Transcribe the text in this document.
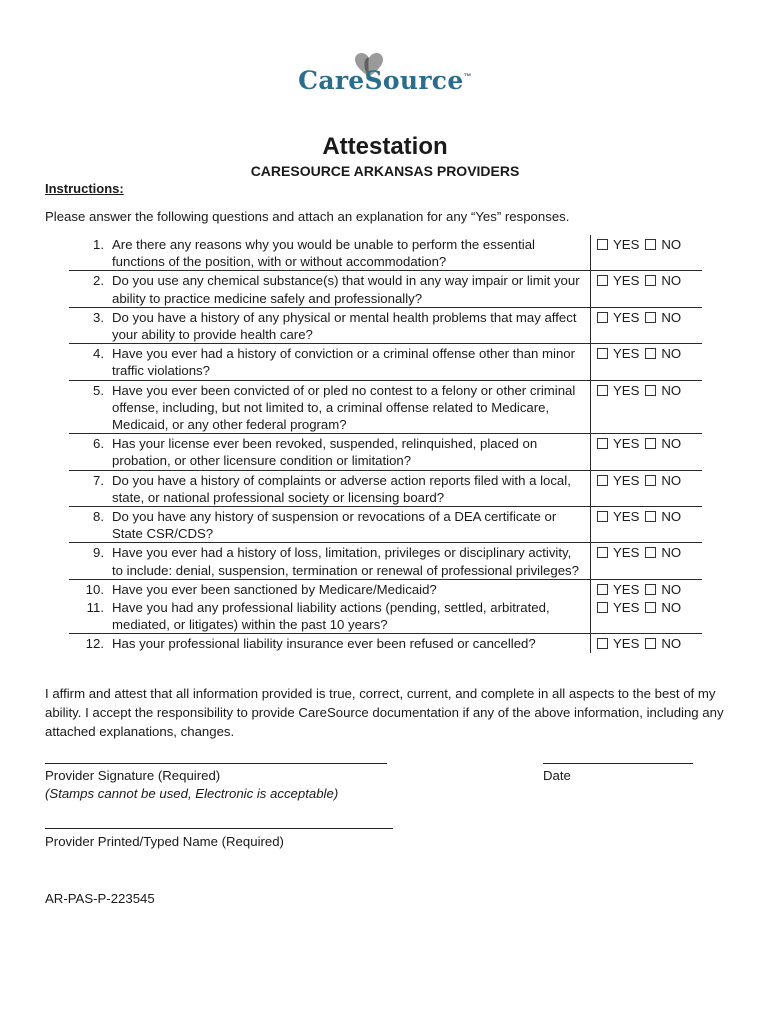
CareSource™
Attestation
CARESOURCE ARKANSAS PROVIDERS
Instructions:
Please answer the following questions and attach an explanation for any “Yes” responses.
1. Are there any reasons why you would be unable to perform the essential functions of the position, with or without accommodation?
YES NO
2. Do you use any chemical substance(s) that would in any way impair or limit your ability to practice medicine safely and professionally?
YES NO
3. Do you have a history of any physical or mental health problems that may affect your ability to provide health care?
YES NO
4. Have you ever had a history of conviction or a criminal offense other than minor traffic violations?
YES NO
5. Have you ever been convicted of or pled no contest to a felony or other criminal offense, including, but not limited to, a criminal offense related to Medicare, Medicaid, or any other federal program?
YES NO
6. Has your license ever been revoked, suspended, relinquished, placed on probation, or other licensure condition or limitation?
YES NO
7. Do you have a history of complaints or adverse action reports filed with a local, state, or national professional society or licensing board?
YES NO
8. Do you have any history of suspension or revocations of a DEA certificate or State CSR/CDS?
YES NO
9. Have you ever had a history of loss, limitation, privileges or disciplinary activity, to include: denial, suspension, termination or renewal of professional privileges?
YES NO
10. Have you ever been sanctioned by Medicare/Medicaid?	YES NO
11. Have you had any professional liability actions (pending, settled, arbitrated, mediated, or litigates) within the past 10 years?
YES NO
12. Has your professional liability insurance ever been refused or cancelled?	YES NO
I affirm and attest that all information provided is true, correct, current, and complete in all aspects to the best of my ability. I accept the responsibility to provide CareSource documentation if any of the above information, including any attached explanations, changes.
Provider Signature (Required)
(Stamps cannot be used, Electronic is acceptable)
Date
Provider Printed/Typed Name (Required)
AR-PAS-P-223545
